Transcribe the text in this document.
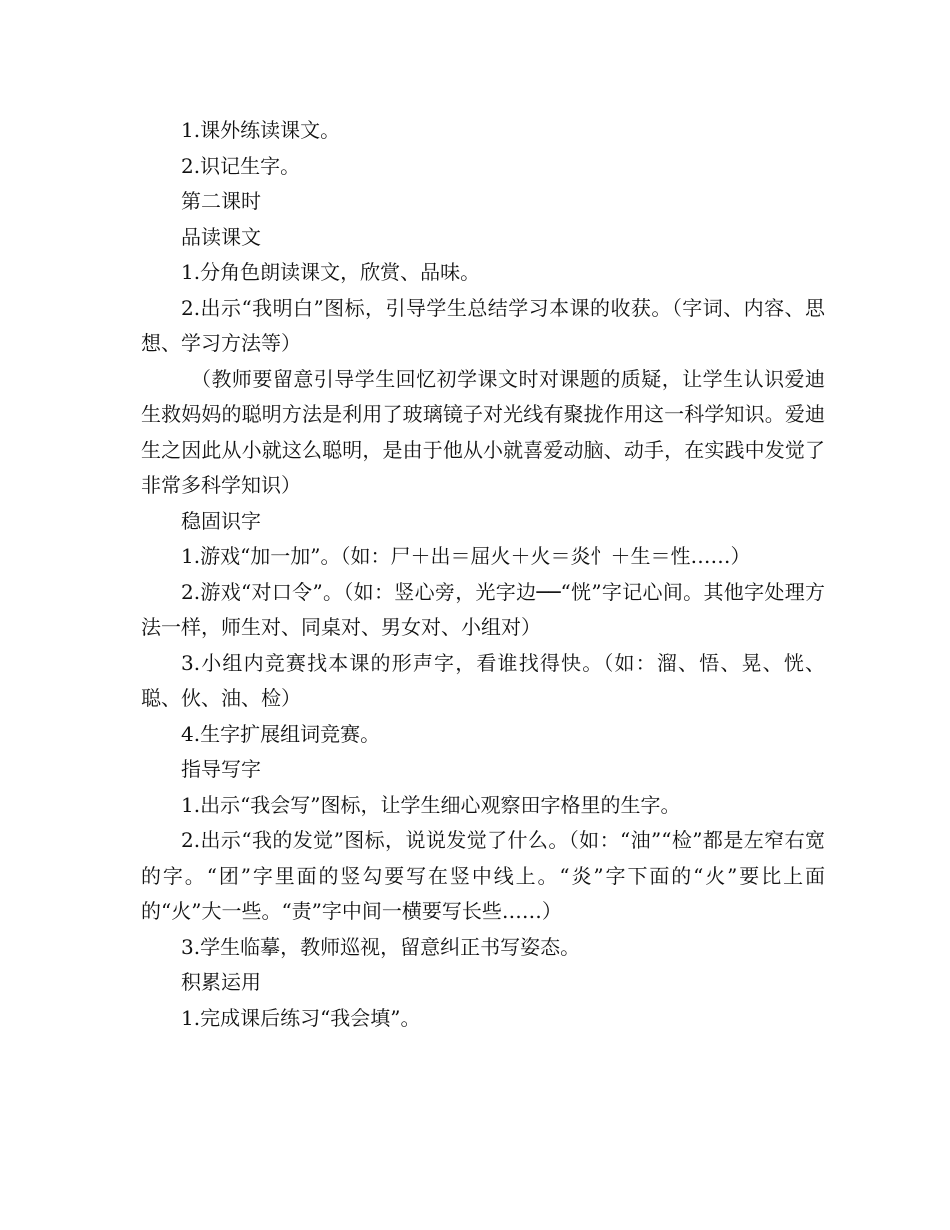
1.课外练读课文。

2.识记生字。

第二课时

品读课文

1.分角色朗读课文，欣赏、品味。

2.出示“我明白”图标，引导学生总结学习本课的收获。（字词、内容、思想、学习方法等）

（教师要留意引导学生回忆初学课文时对课题的质疑，让学生认识爱迪生救妈妈的聪明方法是利用了玻璃镜子对光线有聚拢作用这一科学知识。爱迪生之因此从小就这么聪明，是由于他从小就喜爱动脑、动手，在实践中发觉了非常多科学知识）

稳固识字

1.游戏“加一加”。（如：尸＋出＝屈火＋火＝炎忄＋生＝性……）

2.游戏“对口令”。（如：竖心旁，光字边──“恍”字记心间。其他字处理方法一样，师生对、同桌对、男女对、小组对）

3.小组内竞赛找本课的形声字，看谁找得快。（如：溜、悟、晃、恍、聪、伙、油、检）

4.生字扩展组词竞赛。

指导写字

1.出示“我会写”图标，让学生细心观察田字格里的生字。

2.出示“我的发觉”图标，说说发觉了什么。（如：“油”“检”都是左窄右宽的字。“团”字里面的竖勾要写在竖中线上。“炎”字下面的“火”要比上面的“火”大一些。“责”字中间一横要写长些……）

3.学生临摹，教师巡视，留意纠正书写姿态。

积累运用

1.完成课后练习“我会填”。
